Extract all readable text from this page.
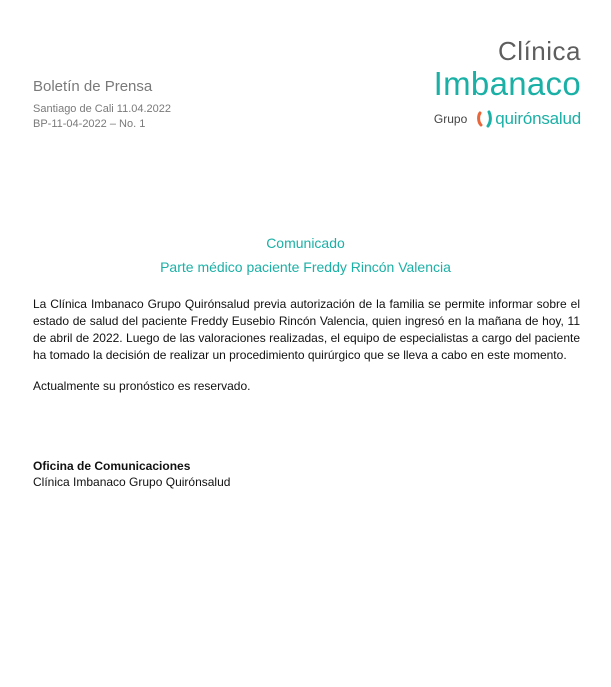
Boletín de Prensa
Santiago de Cali 11.04.2022
BP-11-04-2022 – No. 1
Clínica
Imbanaco
Grupo quirón salud
Comunicado
Parte médico paciente Freddy Rincón Valencia

La Clínica Imbanaco Grupo Quirónsalud previa autorización de la familia se permite informar sobre el estado de salud del paciente Freddy Eusebio Rincón Valencia, quien ingresó en la mañana de hoy, 11 de abril de 2022. Luego de las valoraciones realizadas, el equipo de especialistas a cargo del paciente ha tomado la decisión de realizar un procedimiento quirúrgico que se lleva a cabo en este momento.

Actualmente su pronóstico es reservado.

Oficina de Comunicaciones
Clínica Imbanaco Grupo Quirónsalud
